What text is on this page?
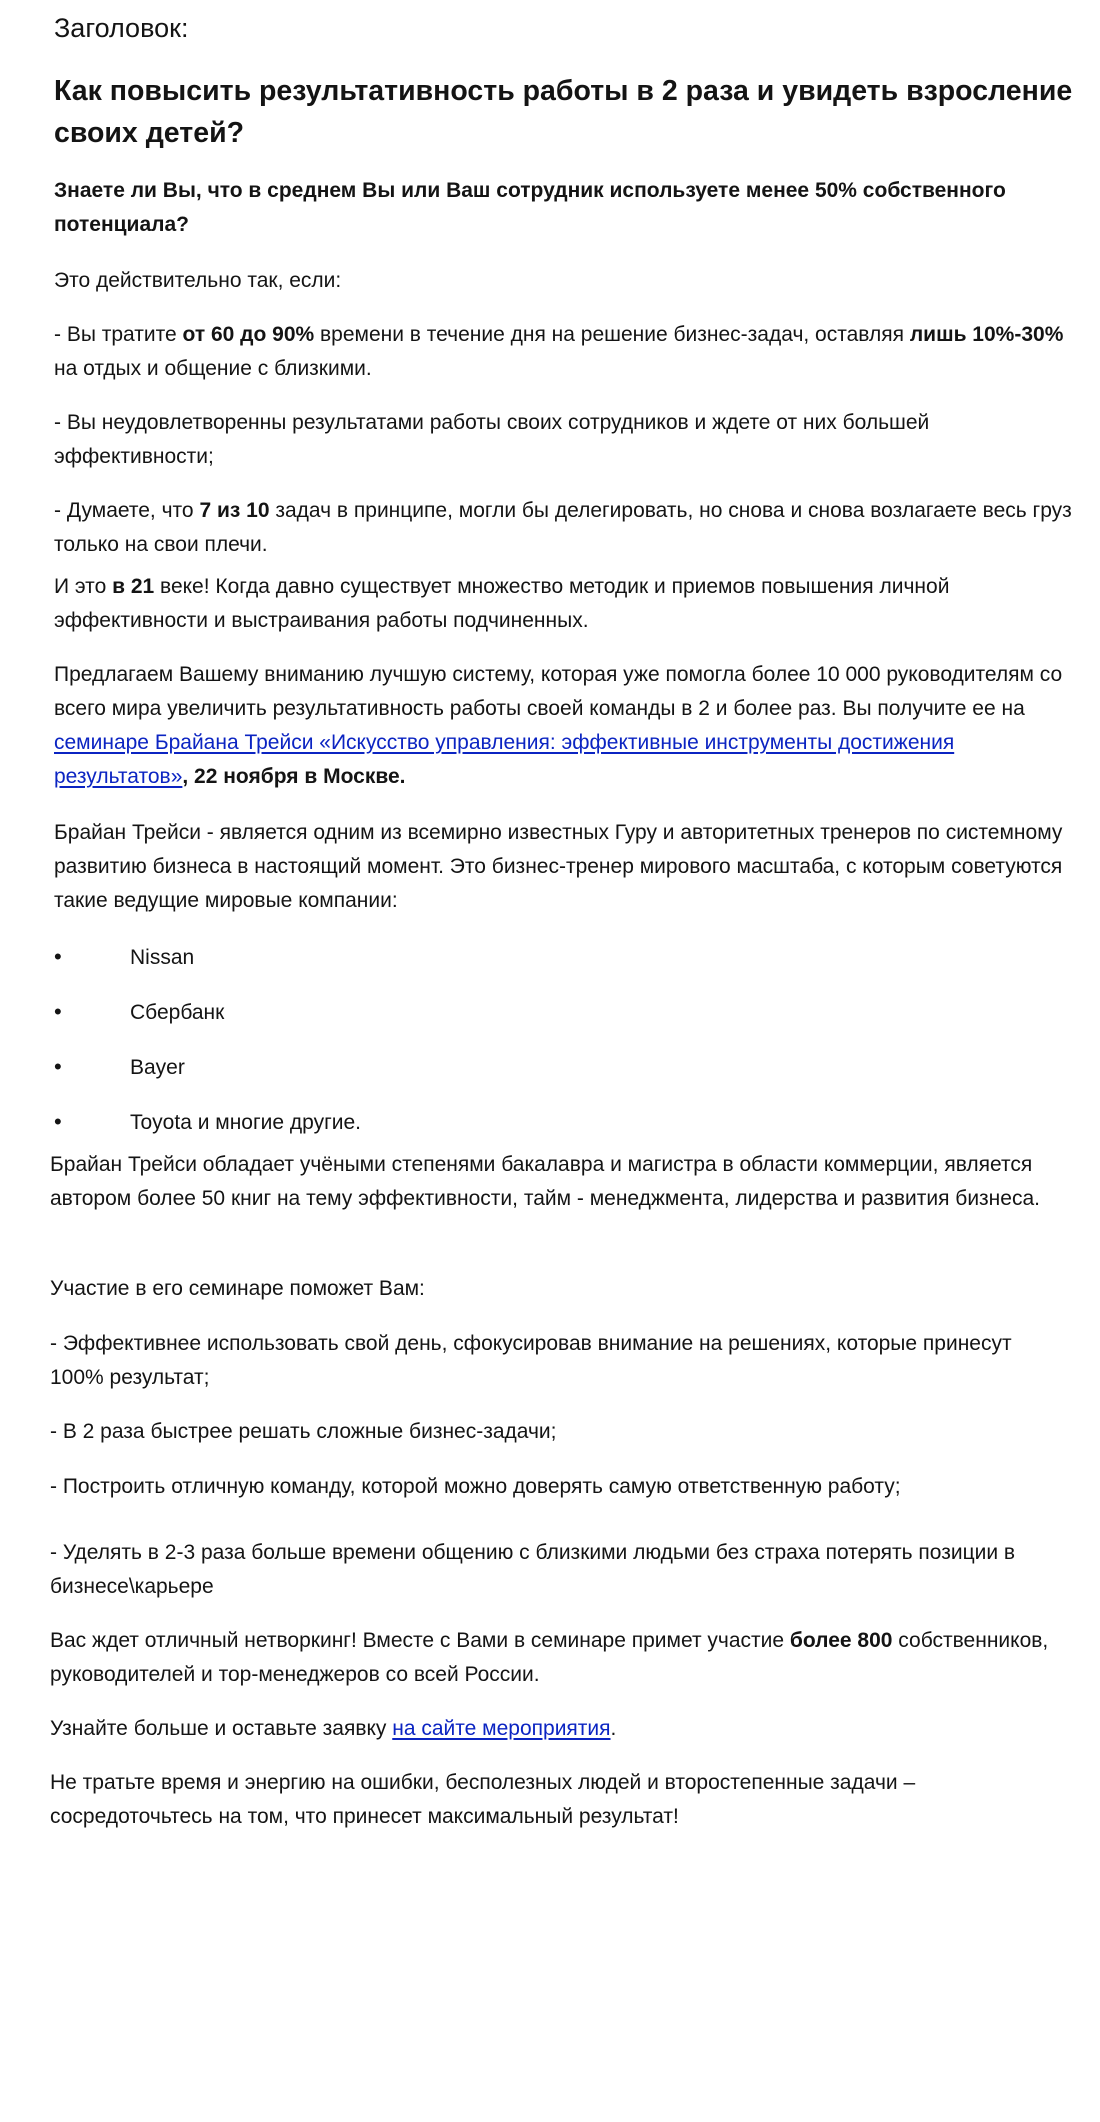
Заголовок:

Как повысить результативность работы в 2 раза и увидеть взросление своих детей?

Знаете ли Вы, что в среднем Вы или Ваш сотрудник используете менее 50% собственного потенциала?

Это действительно так, если:

- Вы тратите от 60 до 90% времени в течение дня на решение бизнес-задач, оставляя лишь 10%-30% на отдых и общение с близкими.

- Вы неудовлетворенны результатами работы своих сотрудников и ждете от них большей эффективности;

- Думаете, что 7 из 10 задач в принципе, могли бы делегировать, но снова и снова возлагаете весь груз только на свои плечи.

И это в 21 веке! Когда давно существует множество методик и приемов повышения личной эффективности и выстраивания работы подчиненных.

Предлагаем Вашему вниманию лучшую систему, которая уже помогла более 10 000 руководителям со всего мира увеличить результативность работы своей команды в 2 и более раз. Вы получите ее на семинаре Брайана Трейси «Искусство управления: эффективные инструменты достижения результатов», 22 ноября в Москве.

Брайан Трейси - является одним из всемирно известных Гуру и авторитетных тренеров по системному развитию бизнеса в настоящий момент. Это бизнес-тренер мирового масштаба, с которым советуются такие ведущие мировые компании:

•	Nissan
•	Сбербанк
•	Bayer
•	Toyota и многие другие.

Брайан Трейси обладает учёными степенями бакалавра и магистра в области коммерции, является автором более 50 книг на тему эффективности, тайм - менеджмента, лидерства и развития бизнеса.

Участие в его семинаре поможет Вам:

- Эффективнее использовать свой день, сфокусировав внимание на решениях, которые принесут 100% результат;

- В 2 раза быстрее решать сложные бизнес-задачи;

- Построить отличную команду, которой можно доверять самую ответственную работу;

- Уделять в 2-3 раза больше времени общению с близкими людьми без страха потерять позиции в бизнесе\карьере

Вас ждет отличный нетворкинг! Вместе с Вами в семинаре примет участие более 800 собственников, руководителей и тор-менеджеров со всей России.

Узнайте больше и оставьте заявку на сайте мероприятия.

Не тратьте время и энергию на ошибки, бесполезных людей и второстепенные задачи – сосредоточьтесь на том, что принесет максимальный результат!
